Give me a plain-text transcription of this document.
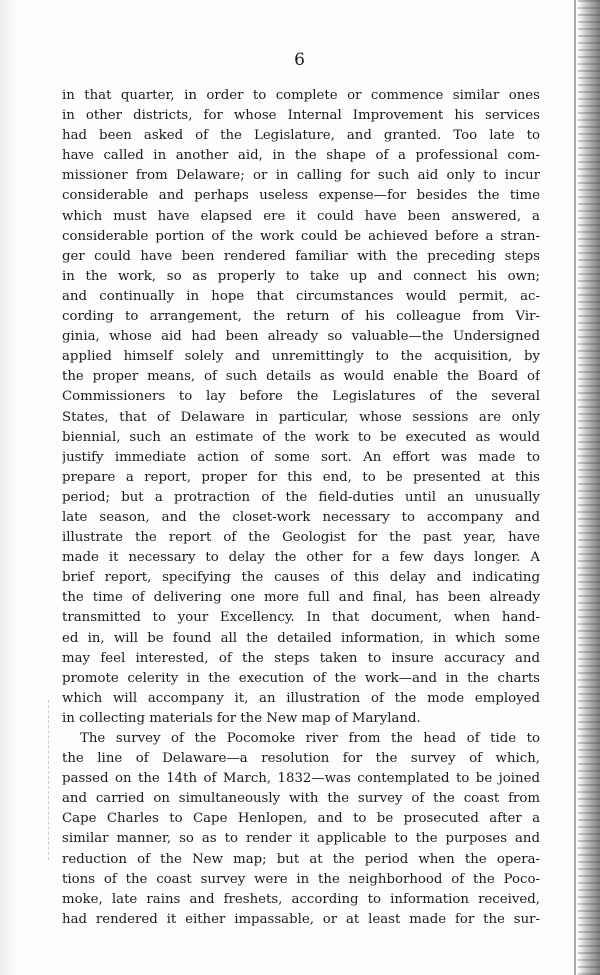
6
in that quarter, in order to complete or commence similar ones
in other districts, for whose Internal Improvement his services
had been asked of the Legislature, and granted. Too late to
have called in another aid, in the shape of a professional com-
missioner from Delaware; or in calling for such aid only to incur
considerable and perhaps useless expense—for besides the time
which must have elapsed ere it could have been answered, a
considerable portion of the work could be achieved before a stran-
ger could have been rendered familiar with the preceding steps
in the work, so as properly to take up and connect his own;
and continually in hope that circumstances would permit, ac-
cording to arrangement, the return of his colleague from Vir-
ginia, whose aid had been already so valuable—the Undersigned
applied himself solely and unremittingly to the acquisition, by
the proper means, of such details as would enable the Board of
Commissioners to lay before the Legislatures of the several
States, that of Delaware in particular, whose sessions are only
biennial, such an estimate of the work to be executed as would
justify immediate action of some sort. An effort was made to
prepare a report, proper for this end, to be presented at this
period; but a protraction of the field-duties until an unusually
late season, and the closet-work necessary to accompany and
illustrate the report of the Geologist for the past year, have
made it necessary to delay the other for a few days longer. A
brief report, specifying the causes of this delay and indicating
the time of delivering one more full and final, has been already
transmitted to your Excellency. In that document, when hand-
ed in, will be found all the detailed information, in which some
may feel interested, of the steps taken to insure accuracy and
promote celerity in the execution of the work—and in the charts
which will accompany it, an illustration of the mode employed
in collecting materials for the New map of Maryland.
The survey of the Pocomoke river from the head of tide to
the line of Delaware—a resolution for the survey of which,
passed on the 14th of March, 1832—was contemplated to be joined
and carried on simultaneously with the survey of the coast from
Cape Charles to Cape Henlopen, and to be prosecuted after a
similar manner, so as to render it applicable to the purposes and
reduction of the New map; but at the period when the opera-
tions of the coast survey were in the neighborhood of the Poco-
moke, late rains and freshets, according to information received,
had rendered it either impassable, or at least made for the sur-
